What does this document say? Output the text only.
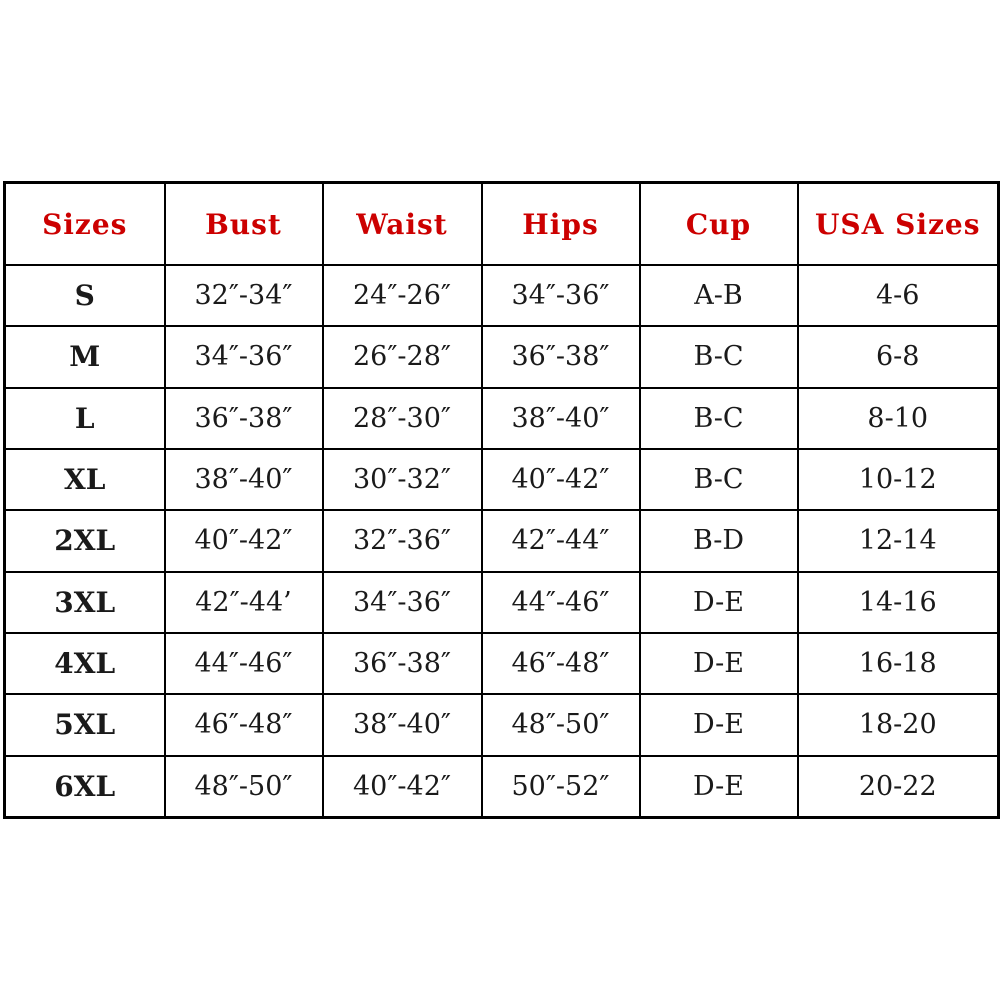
Sizes	Bust	Waist	Hips	Cup	USA Sizes
S	32″-34″	24″-26″	34″-36″	A-B	4-6
M	34″-36″	26″-28″	36″-38″	B-C	6-8
L	36″-38″	28″-30″	38″-40″	B-C	8-10
XL	38″-40″	30″-32″	40″-42″	B-C	10-12
2XL	40″-42″	32″-36″	42″-44″	B-D	12-14
3XL	42″-44’	34″-36″	44″-46″	D-E	14-16
4XL	44″-46″	36″-38″	46″-48″	D-E	16-18
5XL	46″-48″	38″-40″	48″-50″	D-E	18-20
6XL	48″-50″	40″-42″	50″-52″	D-E	20-22
